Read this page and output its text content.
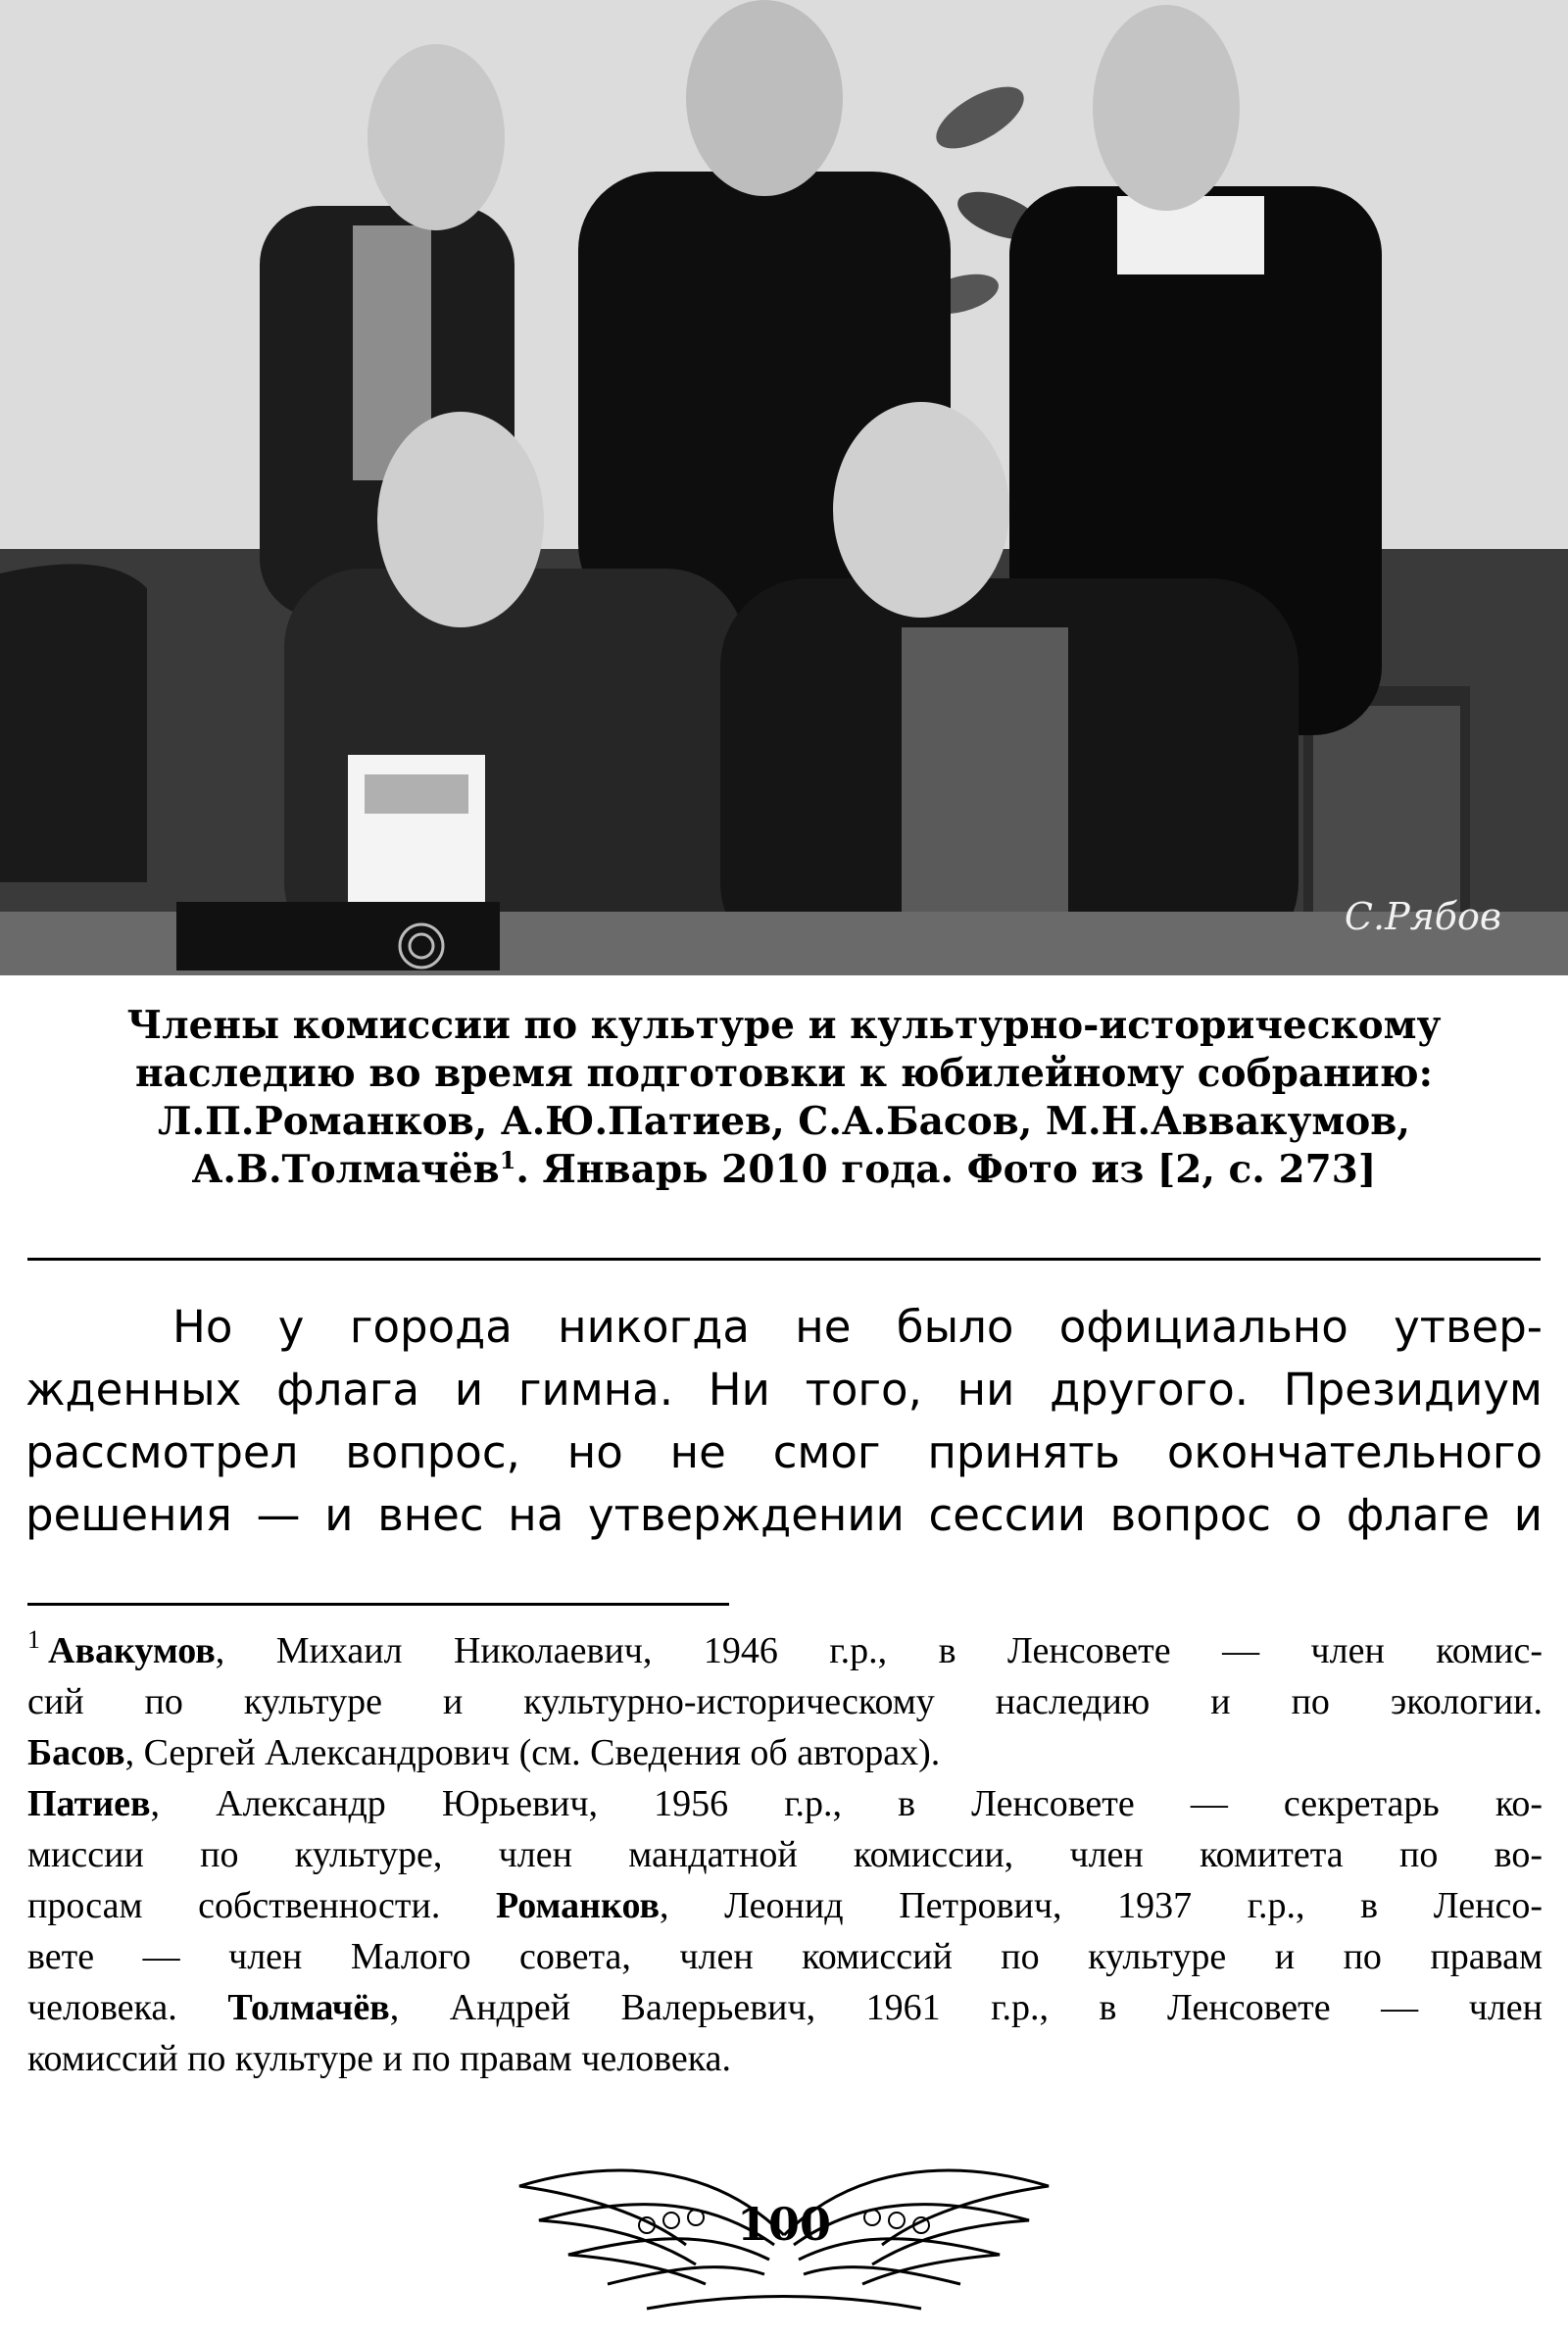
С.Рябов
Члены комиссии по культуре и культурно-историческому
наследию во время подготовки к юбилейному собранию:
Л.П.Романков, А.Ю.Патиев, С.А.Басов, М.Н.Аввакумов,
А.В.Толмачёв$^1$. Январь 2010 года. Фото из [2, с. 273]
Но у города никогда не было официально утвер-
жденных флага и гимна. Ни того, ни другого. Президиум
рассмотрел вопрос, но не смог принять окончательного
решения — и внес на утверждении сессии вопрос о флаге и
$^1$ Авакумов, Михаил Николаевич, 1946 г.р., в Ленсовете — член комис-
сий по культуре и культурно-историческому наследию и по экологии.
Басов, Сергей Александрович (см. Сведения об авторах).
Патиев, Александр Юрьевич, 1956 г.р., в Ленсовете — секретарь ко-
миссии по культуре, член мандатной комиссии, член комитета по во-
просам собственности. Романков, Леонид Петрович, 1937 г.р., в Ленсо-
вете — член Малого совета, член комиссий по культуре и по правам
человека. Толмачёв, Андрей Валерьевич, 1961 г.р., в Ленсовете — член
комиссий по культуре и по правам человека.
100
